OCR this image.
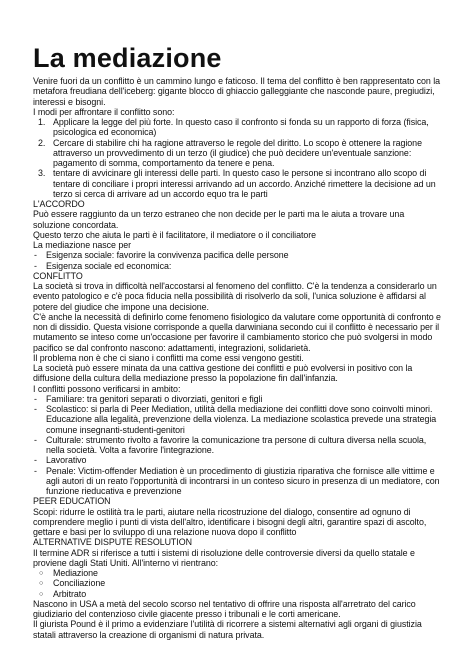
La mediazione

Venire fuori da un conflitto è un cammino lungo e faticoso. Il tema del conflitto è ben rappresentato con la metafora freudiana dell'iceberg: gigante blocco di ghiaccio galleggiante che nasconde paure, pregiudizi, interessi e bisogni.

I modi per affrontare il conflitto sono:

1. Applicare la legge del più forte. In questo caso il confronto si fonda su un rapporto di forza (fisica, psicologica ed economica)
2. Cercare di stabilire chi ha ragione attraverso le regole del diritto. Lo scopo è ottenere la ragione attraverso un provvedimento di un terzo (il giudice) che può decidere un'eventuale sanzione: pagamento di somma, comportamento da tenere e pena.
3. tentare di avvicinare gli interessi delle parti. In questo caso le persone si incontrano allo scopo di tentare di conciliare i propri interessi arrivando ad un accordo. Anziché rimettere la decisione ad un terzo si cerca di arrivare ad un accordo equo tra le parti

L'ACCORDO

Può essere raggiunto da un terzo estraneo che non decide per le parti ma le aiuta a trovare una soluzione concordata.

Questo terzo che aiuta le parti è il facilitatore, il mediatore o il conciliatore

La mediazione nasce per

- Esigenza sociale: favorire la convivenza pacifica delle persone
- Esigenza sociale ed economica:

CONFLITTO

La società si trova in difficoltà nell'accostarsi al fenomeno del conflitto. C'è la tendenza a considerarlo un evento patologico e c'è poca fiducia nella possibilità di risolverlo da soli, l'unica soluzione è affidarsi al potere del giudice che impone una decisione.

C'è anche la necessità di definirlo come fenomeno fisiologico da valutare come opportunità di confronto e non di dissidio. Questa visione corrisponde a quella darwiniana secondo cui il conflitto è necessario per il mutamento se inteso come un'occasione per favorire il cambiamento storico che può svolgersi in modo pacifico se dal confronto nascono: adattamenti, integrazioni, solidarietà.

Il problema non è che ci siano i conflitti ma come essi vengono gestiti.

La società può essere minata da una cattiva gestione dei conflitti e può evolversi in positivo con la diffusione della cultura della mediazione presso la popolazione fin dall'infanzia.

I conflitti possono verificarsi in ambito:

- Familiare: tra genitori separati o divorziati, genitori e figli
- Scolastico: si parla di Peer Mediation, utilità della mediazione dei conflitti dove sono coinvolti minori. Educazione alla legalità, prevenzione della violenza. La mediazione scolastica prevede una strategia comune insegnanti-studenti-genitori
- Culturale: strumento rivolto a favorire la comunicazione tra persone di cultura diversa nella scuola, nella società. Volta a favorire l'integrazione.
- Lavorativo
- Penale: Victim-offender Mediation è un procedimento di giustizia riparativa che fornisce alle vittime e agli autori di un reato l'opportunità di incontrarsi in un conteso sicuro in presenza di un mediatore, con funzione rieducativa e prevenzione

PEER EDUCATION

Scopi: ridurre le ostilità tra le parti, aiutare nella ricostruzione del dialogo, consentire ad ognuno di comprendere meglio i punti di vista dell'altro, identificare i bisogni degli altri, garantire spazi di ascolto, gettare e basi per lo sviluppo di una relazione nuova dopo il conflitto

ALTERNATIVE DISPUTE RESOLUTION

Il termine ADR si riferisce a tutti i sistemi di risoluzione delle controversie diversi da quello statale e proviene dagli Stati Uniti. All'interno vi rientrano:

○ Mediazione
○ Conciliazione
○ Arbitrato

Nascono in USA a metà del secolo scorso nel tentativo di offrire una risposta all'arretrato del carico giudiziario del contenzioso civile giacente presso i tribunali e le corti americane.

Il giurista Pound è il primo a evidenziare l'utilità di ricorrere a sistemi alternativi agli organi di giustizia statali attraverso la creazione di organismi di natura privata.
